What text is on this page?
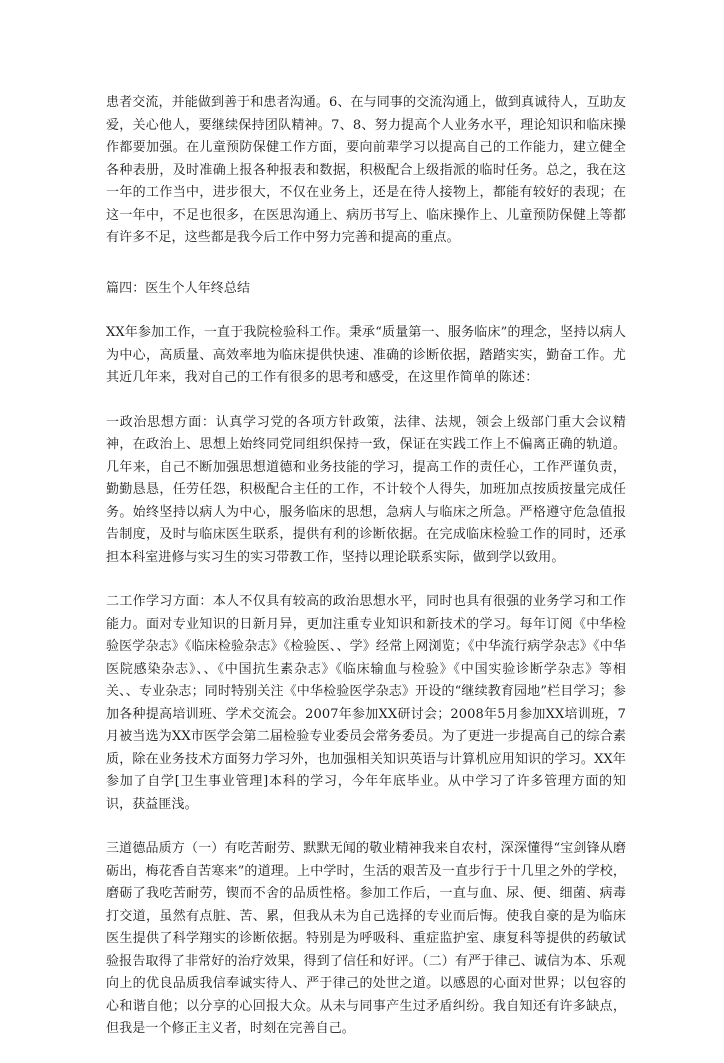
患者交流，并能做到善于和患者沟通。6、在与同事的交流沟通上，做到真诚待人，互助友爱，关心他人，要继续保持团队精神。7、8、努力提高个人业务水平，理论知识和临床操作都要加强。在儿童预防保健工作方面，要向前辈学习以提高自己的工作能力，建立健全各种表册，及时准确上报各种报表和数据，积极配合上级指派的临时任务。总之，我在这一年的工作当中，进步很大，不仅在业务上，还是在待人接物上，都能有较好的表现；在这一年中，不足也很多，在医思沟通上、病历书写上、临床操作上、儿童预防保健上等都有许多不足，这些都是我今后工作中努力完善和提高的重点。

篇四：医生个人年终总结

XX年参加工作，一直于我院检验科工作。秉承“质量第一、服务临床”的理念，坚持以病人为中心，高质量、高效率地为临床提供快速、准确的诊断依据，踏踏实实，勤奋工作。尤其近几年来，我对自己的工作有很多的思考和感受，在这里作简单的陈述：

一政治思想方面：认真学习党的各项方针政策，法律、法规，领会上级部门重大会议精神，在政治上、思想上始终同党同组织保持一致，保证在实践工作上不偏离正确的轨道。几年来，自己不断加强思想道德和业务技能的学习，提高工作的责任心，工作严谨负责，勤勤恳恳，任劳任怨，积极配合主任的工作，不计较个人得失，加班加点按质按量完成任务。始终坚持以病人为中心，服务临床的思想，急病人与临床之所急。严格遵守危急值报告制度，及时与临床医生联系，提供有利的诊断依据。在完成临床检验工作的同时，还承担本科室进修与实习生的实习带教工作，坚持以理论联系实际，做到学以致用。

二工作学习方面：本人不仅具有较高的政治思想水平，同时也具有很强的业务学习和工作能力。面对专业知识的日新月异，更加注重专业知识和新技术的学习。每年订阅《中华检验医学杂志》《临床检验杂志》《检验医、、学》经常上网浏览；《中华流行病学杂志》《中华医院感染杂志》、、《中国抗生素杂志》《临床输血与检验》《中国实验诊断学杂志》等相关、、专业杂志；同时特别关注《中华检验医学杂志》开设的“继续教育园地”栏目学习；参加各种提高培训班、学术交流会。2007年参加XX研讨会；2008年5月参加XX培训班，7月被当选为XX市医学会第二届检验专业委员会常务委员。为了更进一步提高自己的综合素质，除在业务技术方面努力学习外，也加强相关知识英语与计算机应用知识的学习。XX年参加了自学[卫生事业管理]本科的学习，今年年底毕业。从中学习了许多管理方面的知识，获益匪浅。

三道德品质方（一）有吃苦耐劳、默默无闻的敬业精神我来自农村，深深懂得“宝剑锋从磨砺出，梅花香自苦寒来”的道理。上中学时，生活的艰苦及一直步行于十几里之外的学校，磨砺了我吃苦耐劳，锲而不舍的品质性格。参加工作后，一直与血、尿、便、细菌、病毒打交道，虽然有点脏、苦、累，但我从未为自己选择的专业而后悔。使我自豪的是为临床医生提供了科学翔实的诊断依据。特别是为呼吸科、重症监护室、康复科等提供的药敏试验报告取得了非常好的治疗效果，得到了信任和好评。（二）有严于律己、诚信为本、乐观向上的优良品质我信奉诚实待人、严于律己的处世之道。以感恩的心面对世界；以包容的心和谐自他；以分享的心回报大众。从未与同事产生过矛盾纠纷。我自知还有许多缺点，但我是一个修正主义者，时刻在完善自己。
